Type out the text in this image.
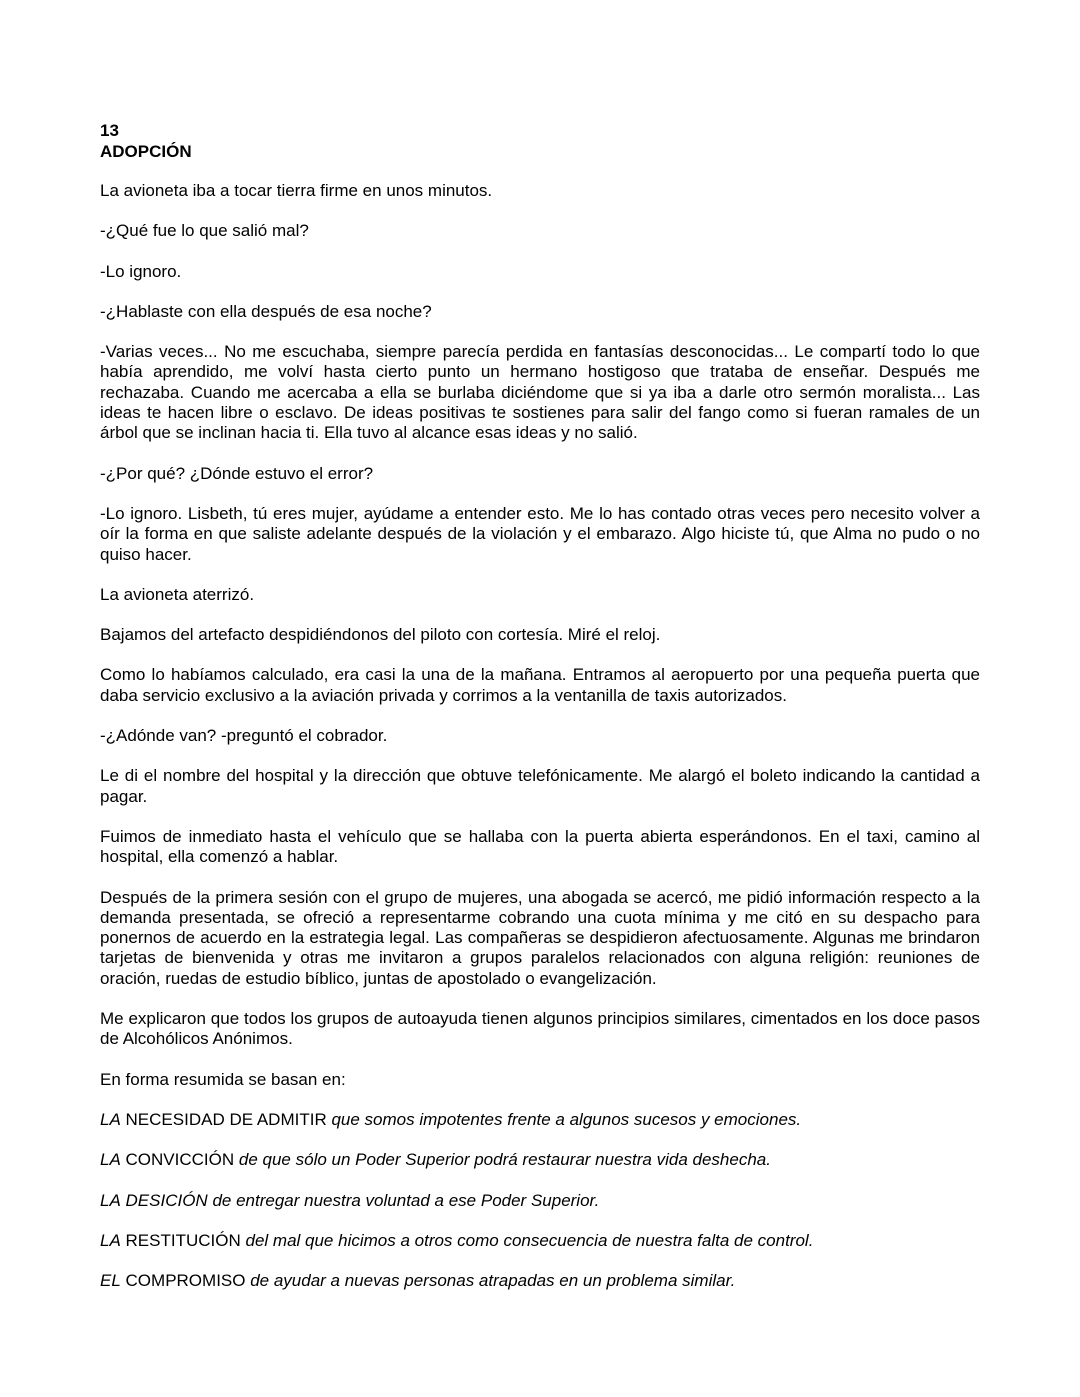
13
ADOPCIÓN

La avioneta iba a tocar tierra firme en unos minutos.

-¿Qué fue lo que salió mal?

-Lo ignoro.

-¿Hablaste con ella después de esa noche?

-Varias veces... No me escuchaba, siempre parecía perdida en fantasías desconocidas... Le compartí todo lo que había aprendido, me volví hasta cierto punto un hermano hostigoso que trataba de enseñar. Después me rechazaba. Cuando me acercaba a ella se burlaba diciéndome que si ya iba a darle otro sermón moralista... Las ideas te hacen libre o esclavo. De ideas positivas te sostienes para salir del fango como si fueran ramales de un árbol que se inclinan hacia ti. Ella tuvo al alcance esas ideas y no salió.

-¿Por qué? ¿Dónde estuvo el error?

-Lo ignoro. Lisbeth, tú eres mujer, ayúdame a entender esto. Me lo has contado otras veces pero necesito volver a oír la forma en que saliste adelante después de la violación y el embarazo. Algo hiciste tú, que Alma no pudo o no quiso hacer.

La avioneta aterrizó.

Bajamos del artefacto despidiéndonos del piloto con cortesía. Miré el reloj.

Como lo habíamos calculado, era casi la una de la mañana. Entramos al aeropuerto por una pequeña puerta que daba servicio exclusivo a la aviación privada y corrimos a la ventanilla de taxis autorizados.

-¿Adónde van? -preguntó el cobrador.

Le di el nombre del hospital y la dirección que obtuve telefónicamente. Me alargó el boleto indicando la cantidad a pagar.

Fuimos de inmediato hasta el vehículo que se hallaba con la puerta abierta esperándonos. En el taxi, camino al hospital, ella comenzó a hablar.

Después de la primera sesión con el grupo de mujeres, una abogada se acercó, me pidió información respecto a la demanda presentada, se ofreció a representarme cobrando una cuota mínima y me citó en su despacho para ponernos de acuerdo en la estrategia legal. Las compañeras se despidieron afectuosamente. Algunas me brindaron tarjetas de bienvenida y otras me invitaron a grupos paralelos relacionados con alguna religión: reuniones de oración, ruedas de estudio bíblico, juntas de apostolado o evangelización.

Me explicaron que todos los grupos de autoayuda tienen algunos principios similares, cimentados en los doce pasos de Alcohólicos Anónimos.

En forma resumida se basan en:

LA NECESIDAD DE ADMITIR que somos impotentes frente a algunos sucesos y emociones.

LA CONVICCIÓN de que sólo un Poder Superior podrá restaurar nuestra vida deshecha.

LA DESICIÓN de entregar nuestra voluntad a ese Poder Superior.

LA RESTITUCIÓN del mal que hicimos a otros como consecuencia de nuestra falta de control.

EL COMPROMISO de ayudar a nuevas personas atrapadas en un problema similar.
